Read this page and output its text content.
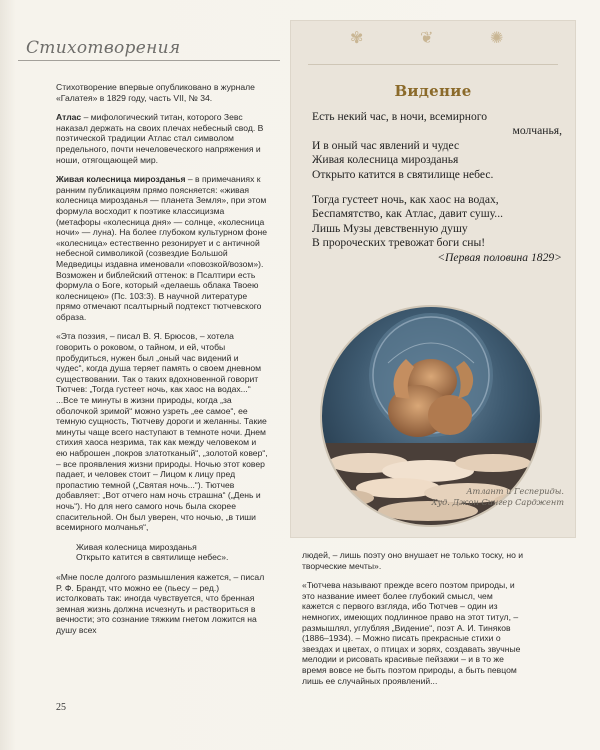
Стихотворения

Стихотворение впервые опубликовано в журнале «Галатея» в 1829 году, часть VII, № 34.

Атлас – мифологический титан, которого Зевс наказал держать на своих плечах небесный свод. В поэтической традиции Атлас стал символом предельного, почти нечеловеческого напряжения и ноши, отягощающей мир.

Живая колесница мирозданья – в примечаниях к ранним публикациям прямо поясняется: «живая колесница мирозданья — планета Земля», при этом формула восходит к поэтике классицизма (метафоры «колесница дня» — солнце, «колесница ночи» — луна). На более глубоком культурном фоне «колесница» естественно резонирует и с античной небесной символикой (созвездие Большой Медведицы издавна именовали «повозкой/возом»). Возможен и библейский оттенок: в Псалтири есть формула о Боге, который «делаешь облака Твоею колесницею» (Пс. 103:3). В научной литературе прямо отмечают псалтырный подтекст тютчевского образа.

«Эта поэзия, – писал В. Я. Брюсов, – хотела говорить о роковом, о тайном, и ей, чтобы пробудиться, нужен был „оный час видений и чудес“, когда душа теряет память о своем дневном существовании. Так о таких вдохновенной говорит Тютчев: „Тогда густеет ночь, как хаос на водах...“ ...Все те минуты в жизни природы, когда „за оболочкой зримой“ можно узреть „ее самое“, ее темную сущность, Тютчеву дороги и желанны. Такие минуты чаще всего наступают в темноте ночи. Днем стихия хаоса незрима, так как между человеком и ею наброшен „покров златотканый“, „золотой ковер“, – все проявления жизни природы. Ночью этот ковер падает, и человек стоит – Лицом к лицу пред пропастию темной („Святая ночь...“). Тютчев добавляет: „Вот отчего нам ночь страшна“ („День и ночь“). Но для него самого ночь была скорее спасительной. Он был уверен, что ночью, „в тиши всемирного молчанья“,

Живая колесница мирозданья
Открыто катится в святилище небес».

«Мне после долгого размышления кажется, – писал Р. Ф. Брандт, что можно ее (пьесу – ред.) истолковать так: иногда чувствуется, что бренная земная жизнь должна исчезнуть и раствориться в вечности; это сознание тяжким гнетом ложится на душу всех

✾	❦	✺
Видение
Есть некий час, в ночи, всемирного
молчанья,
И в оный час явлений и чудес
Живая колесница мирозданья
Открыто катится в святилище небес.
Тогда густеет ночь, как хаос на водах,
Беспамятство, как Атлас, давит сушу...
Лишь Музы девственную душу
В пророческих тревожат боги сны!
<Первая половина 1829>
Атлант и Геспериды.
Худ. Джон Сингер Сарджент

людей, – лишь поэту оно внушает не только тоску, но и творческие мечты».

«Тютчева называют прежде всего поэтом природы, и это название имеет более глубокий смысл, чем кажется с первого взгляда, ибо Тютчев – один из немногих, имеющих подлинное право на этот титул, – размышлял, углубляя „Видение“, поэт А. И. Тиняков (1886–1934). – Можно писать прекрасные стихи о звездах и цветах, о птицах и зорях, создавать звучные мелодии и рисовать красивые пейзажи – и в то же время вовсе не быть поэтом природы, а быть певцом лишь ее случайных проявлений...

25
